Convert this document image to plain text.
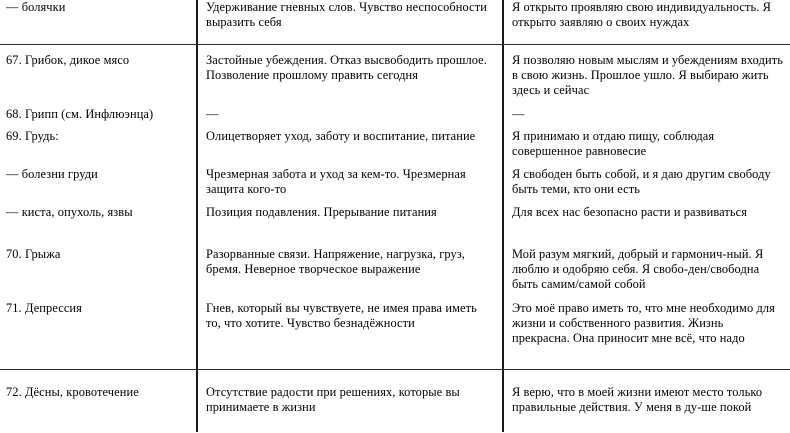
— болячки	Удерживание гневных слов. Чувство неспособности выразить себя	Я открыто проявляю свою индивидуальность. Я открыто заявляю о своих нуждах

67. Грибок, дикое мясо	Застойные убеждения. Отказ высвободить прошлое. Позволение прошлому править сегодня	Я позволяю новым мыслям и убеждениям входить в свою жизнь. Прошлое ушло. Я выбираю жить здесь и сейчас

68. Грипп (см. Инфлюэнца)	—	—

69. Грудь:	Олицетворяет уход, заботу и воспитание, питание	Я принимаю и отдаю пищу, соблюдая совершенное равновесие

— болезни груди	Чрезмерная забота и уход за кем-то. Чрезмерная защита кого-то	Я свободен быть собой, и я даю другим свободу быть теми, кто они есть

— киста, опухоль, язвы	Позиция подавления. Прерывание питания	Для всех нас безопасно расти и развиваться

70. Грыжа	Разорванные связи. Напряжение, нагрузка, груз, бремя. Неверное творческое выражение	Мой разум мягкий, добрый и гармонич-ный. Я люблю и одобряю себя. Я свобо-ден/свободна быть самим/самой собой

71. Депрессия	Гнев, который вы чувствуете, не имея права иметь то, что хотите. Чувство безнадёжности	Это моё право иметь то, что мне необходимо для жизни и собственного развития. Жизнь прекрасна. Она приносит мне всё, что надо

72. Дёсны, кровотечение	Отсутствие радости при решениях, которые вы принимаете в жизни	Я верю, что в моей жизни имеют место только правильные действия. У меня в ду-ше покой
